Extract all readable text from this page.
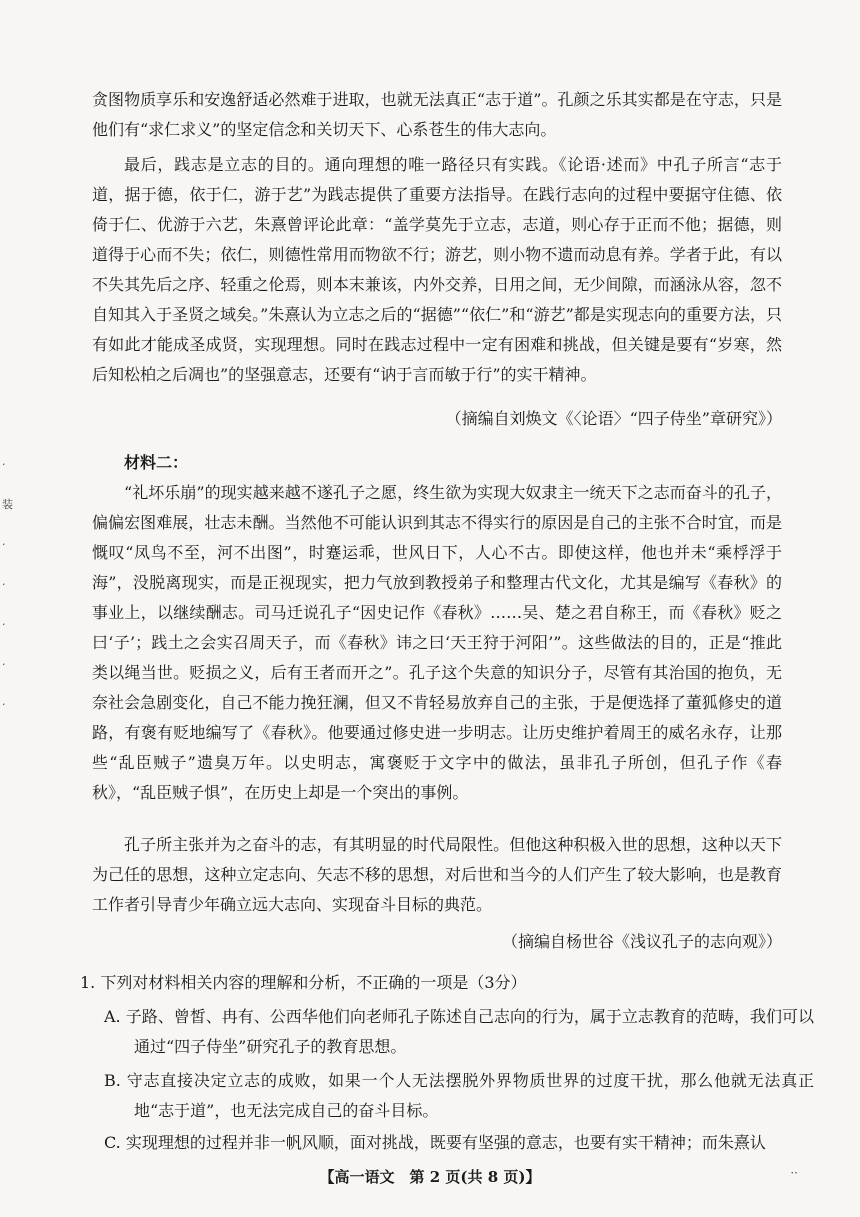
贪图物质享乐和安逸舒适必然难于进取，也就无法真正“志于道”。孔颜之乐其实都是在守志，只是他们有“求仁求义”的坚定信念和关切天下、心系苍生的伟大志向。

最后，践志是立志的目的。通向理想的唯一路径只有实践。《论语·述而》中孔子所言“志于道，据于德，依于仁，游于艺”为践志提供了重要方法指导。在践行志向的过程中要据守住德、依倚于仁、优游于六艺，朱熹曾评论此章：“盖学莫先于立志，志道，则心存于正而不他；据德，则道得于心而不失；依仁，则德性常用而物欲不行；游艺，则小物不遗而动息有养。学者于此，有以不失其先后之序、轻重之伦焉，则本末兼该，内外交养，日用之间，无少间隙，而涵泳从容，忽不自知其入于圣贤之域矣。”朱熹认为立志之后的“据德”“依仁”和“游艺”都是实现志向的重要方法，只有如此才能成圣成贤，实现理想。同时在践志过程中一定有困难和挑战，但关键是要有“岁寒，然后知松柏之后凋也”的坚强意志，还要有“讷于言而敏于行”的实干精神。

（摘编自刘焕文《〈论语〉“四子侍坐”章研究》）

材料二：

“礼坏乐崩”的现实越来越不遂孔子之愿，终生欲为实现大奴隶主一统天下之志而奋斗的孔子，偏偏宏图难展，壮志未酬。当然他不可能认识到其志不得实行的原因是自己的主张不合时宜，而是慨叹“凤鸟不至，河不出图”，时蹇运乖，世风日下，人心不古。即使这样，他也并未“乘桴浮于海”，没脱离现实，而是正视现实，把力气放到教授弟子和整理古代文化，尤其是编写《春秋》的事业上，以继续酬志。司马迁说孔子“因史记作《春秋》……吴、楚之君自称王，而《春秋》贬之曰‘子’；践土之会实召周天子，而《春秋》讳之曰‘天王狩于河阳’”。这些做法的目的，正是“推此类以绳当世。贬损之义，后有王者而开之”。孔子这个失意的知识分子，尽管有其治国的抱负，无奈社会急剧变化，自己不能力挽狂澜，但又不肯轻易放弃自己的主张，于是便选择了董狐修史的道路，有褒有贬地编写了《春秋》。他要通过修史进一步明志。让历史维护着周王的威名永存，让那些“乱臣贼子”遗臭万年。以史明志，寓褒贬于文字中的做法，虽非孔子所创，但孔子作《春秋》，“乱臣贼子惧”，在历史上却是一个突出的事例。

孔子所主张并为之奋斗的志，有其明显的时代局限性。但他这种积极入世的思想，这种以天下为己任的思想，这种立定志向、矢志不移的思想，对后世和当今的人们产生了较大影响，也是教育工作者引导青少年确立远大志向、实现奋斗目标的典范。

（摘编自杨世谷《浅议孔子的志向观》）

1. 下列对材料相关内容的理解和分析，不正确的一项是（3分）

A. 子路、曾皙、冉有、公西华他们向老师孔子陈述自己志向的行为，属于立志教育的范畴，我们可以通过“四子侍坐”研究孔子的教育思想。

B. 守志直接决定立志的成败，如果一个人无法摆脱外界物质世界的过度干扰，那么他就无法真正地“志于道”，也无法完成自己的奋斗目标。

C. 实现理想的过程并非一帆风顺，面对挑战，既要有坚强的意志，也要有实干精神；而朱熹认

【高一语文　第 2 页(共 8 页)】	··
·
装
·
·
·
·
·
